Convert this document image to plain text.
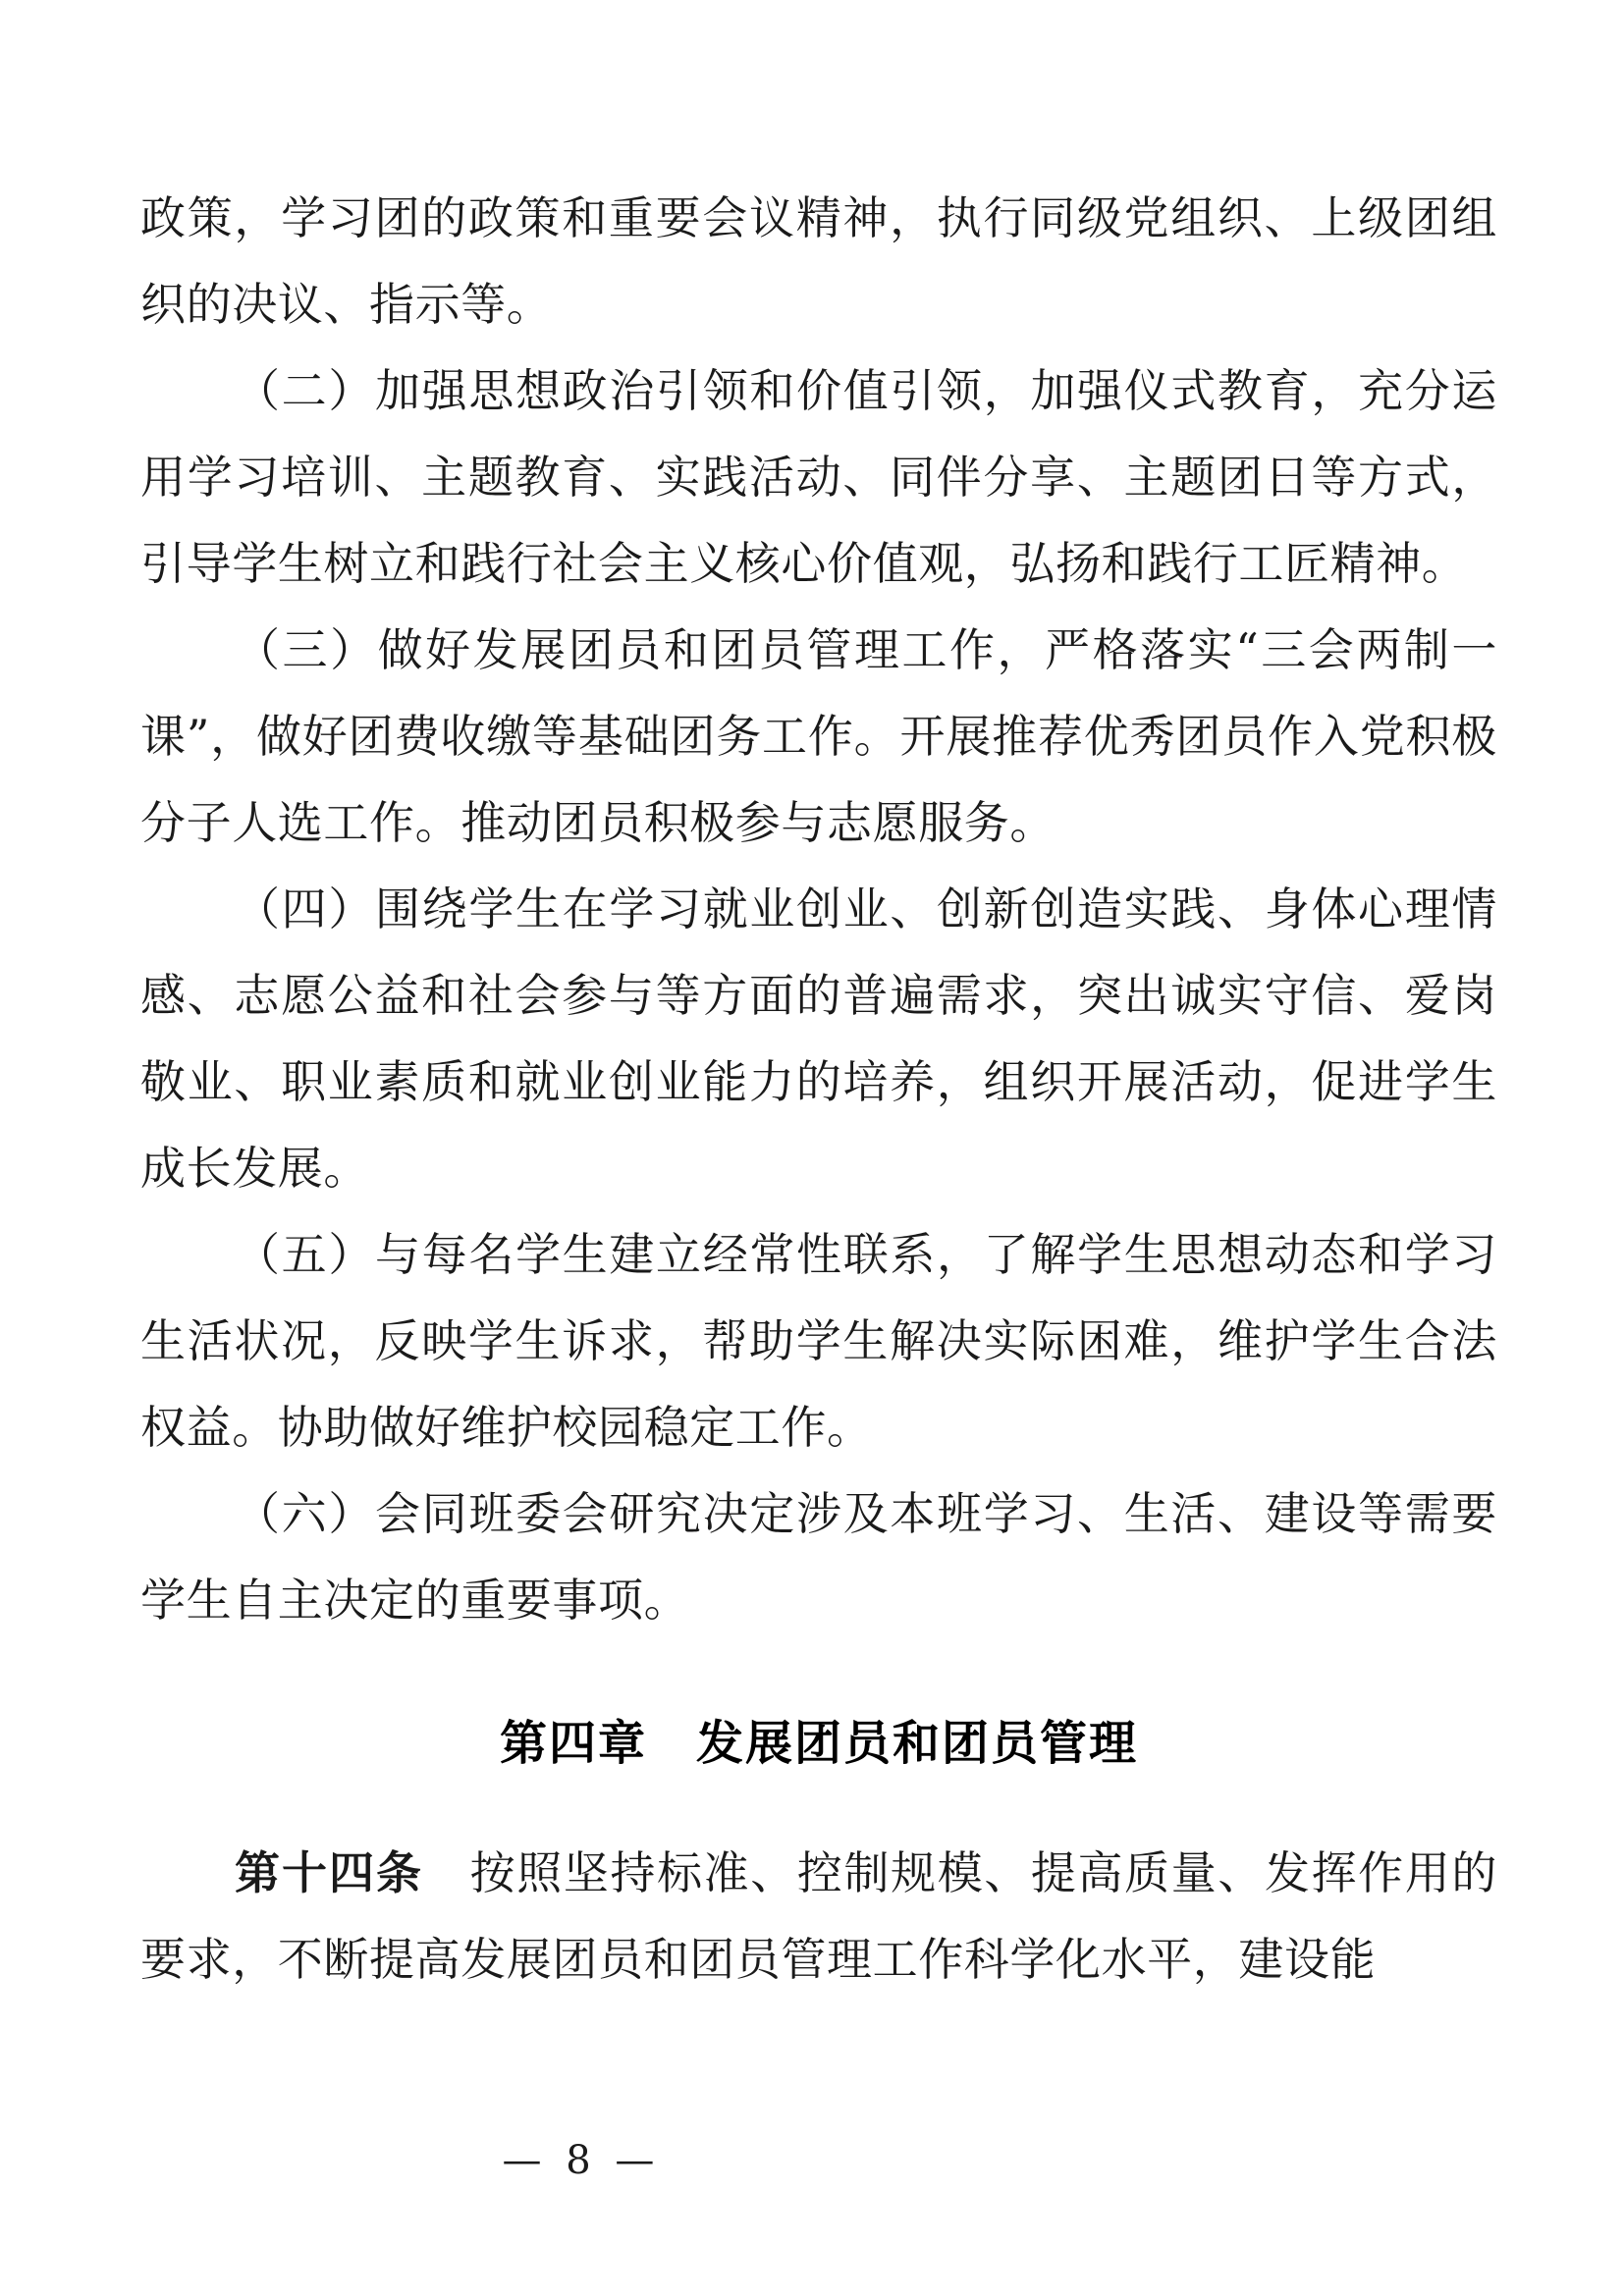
政策，学习团的政策和重要会议精神，执行同级党组织、上级团组织的决议、指示等。

（二）加强思想政治引领和价值引领，加强仪式教育，充分运用学习培训、主题教育、实践活动、同伴分享、主题团日等方式，引导学生树立和践行社会主义核心价值观，弘扬和践行工匠精神。

（三）做好发展团员和团员管理工作，严格落实“三会两制一课”，做好团费收缴等基础团务工作。开展推荐优秀团员作入党积极分子人选工作。推动团员积极参与志愿服务。

（四）围绕学生在学习就业创业、创新创造实践、身体心理情感、志愿公益和社会参与等方面的普遍需求，突出诚实守信、爱岗敬业、职业素质和就业创业能力的培养，组织开展活动，促进学生成长发展。

（五）与每名学生建立经常性联系，了解学生思想动态和学习生活状况，反映学生诉求，帮助学生解决实际困难，维护学生合法权益。协助做好维护校园稳定工作。

（六）会同班委会研究决定涉及本班学习、生活、建设等需要学生自主决定的重要事项。

第四章　发展团员和团员管理

第十四条　 按照坚持标准、控制规模、提高质量、发挥作用的要求，不断提高发展团员和团员管理工作科学化水平，建设能

— 8 —
